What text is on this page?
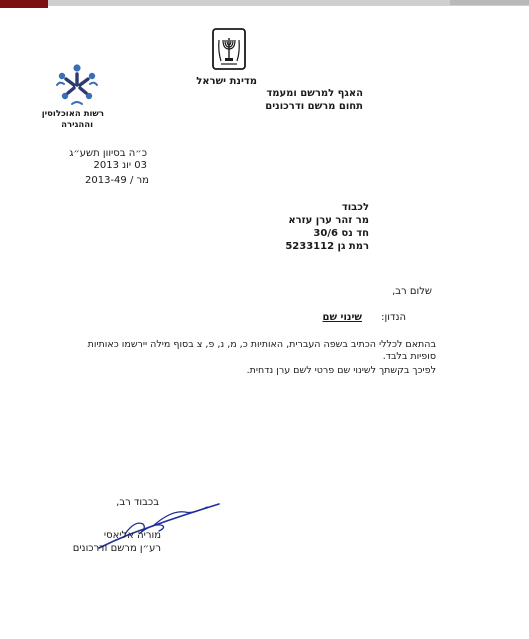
מדינת ישראל
האגף למרשם ומעמד
תחום מרשם ודרכונים
רשות האוכלוסין
וההגירה
כ״ה בסיוון תשע״ג
03 יונ 2013
מר / 2013-49
לכבוד
מר זהר ערן עזרא
חד נס 30/6
רמת גן 5233112
שלום רב,
הנדון:
שינוי שם
בהתאם לכללי הכתיב בשפה העברית, האותיות כ, מ, נ, פ, צ בסוף מילה יירשמו כאותיות
סופיות בלבד.
לפיכך בקשתך לשינוי שם פרטי לשם ערן נדחית.
בכבוד רב,
מוריה אליאסי
רע״ן מרשם ודרכונים
